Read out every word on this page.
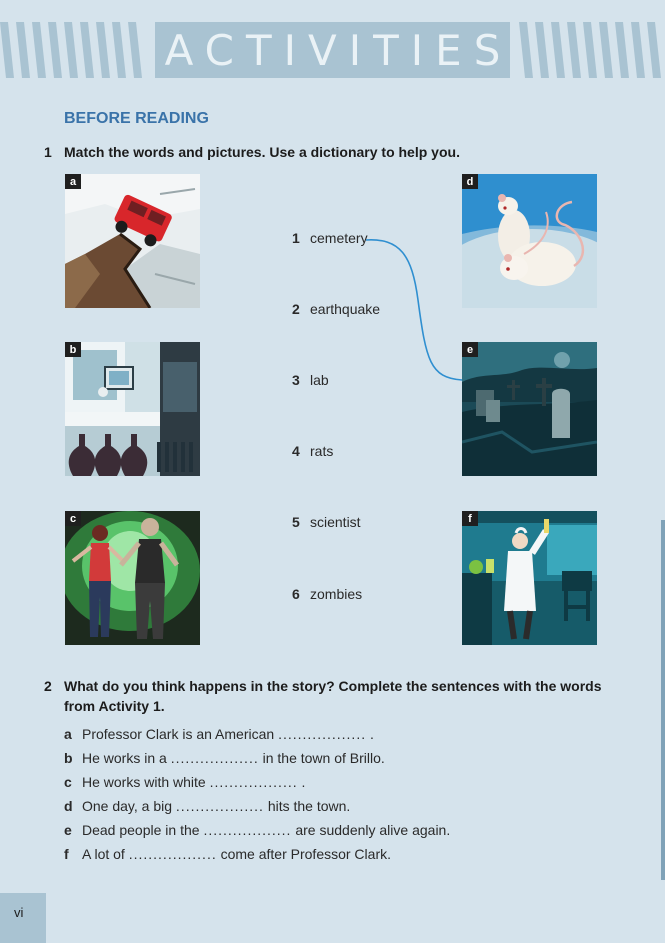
ACTIVITIES
BEFORE READING
1 Match the words and pictures. Use a dictionary to help you.
a
b
c
d
e
f
1 cemetery
2 earthquake
3 lab
4 rats
5 scientist
6 zombies
2 What do you think happens in the story? Complete the sentences with the words from Activity 1.
a Professor Clark is an American .................. .
b He works in a .................. in the town of Brillo.
c He works with white .................. .
d One day, a big .................. hits the town.
e Dead people in the .................. are suddenly alive again.
f A lot of .................. come after Professor Clark.
vi
